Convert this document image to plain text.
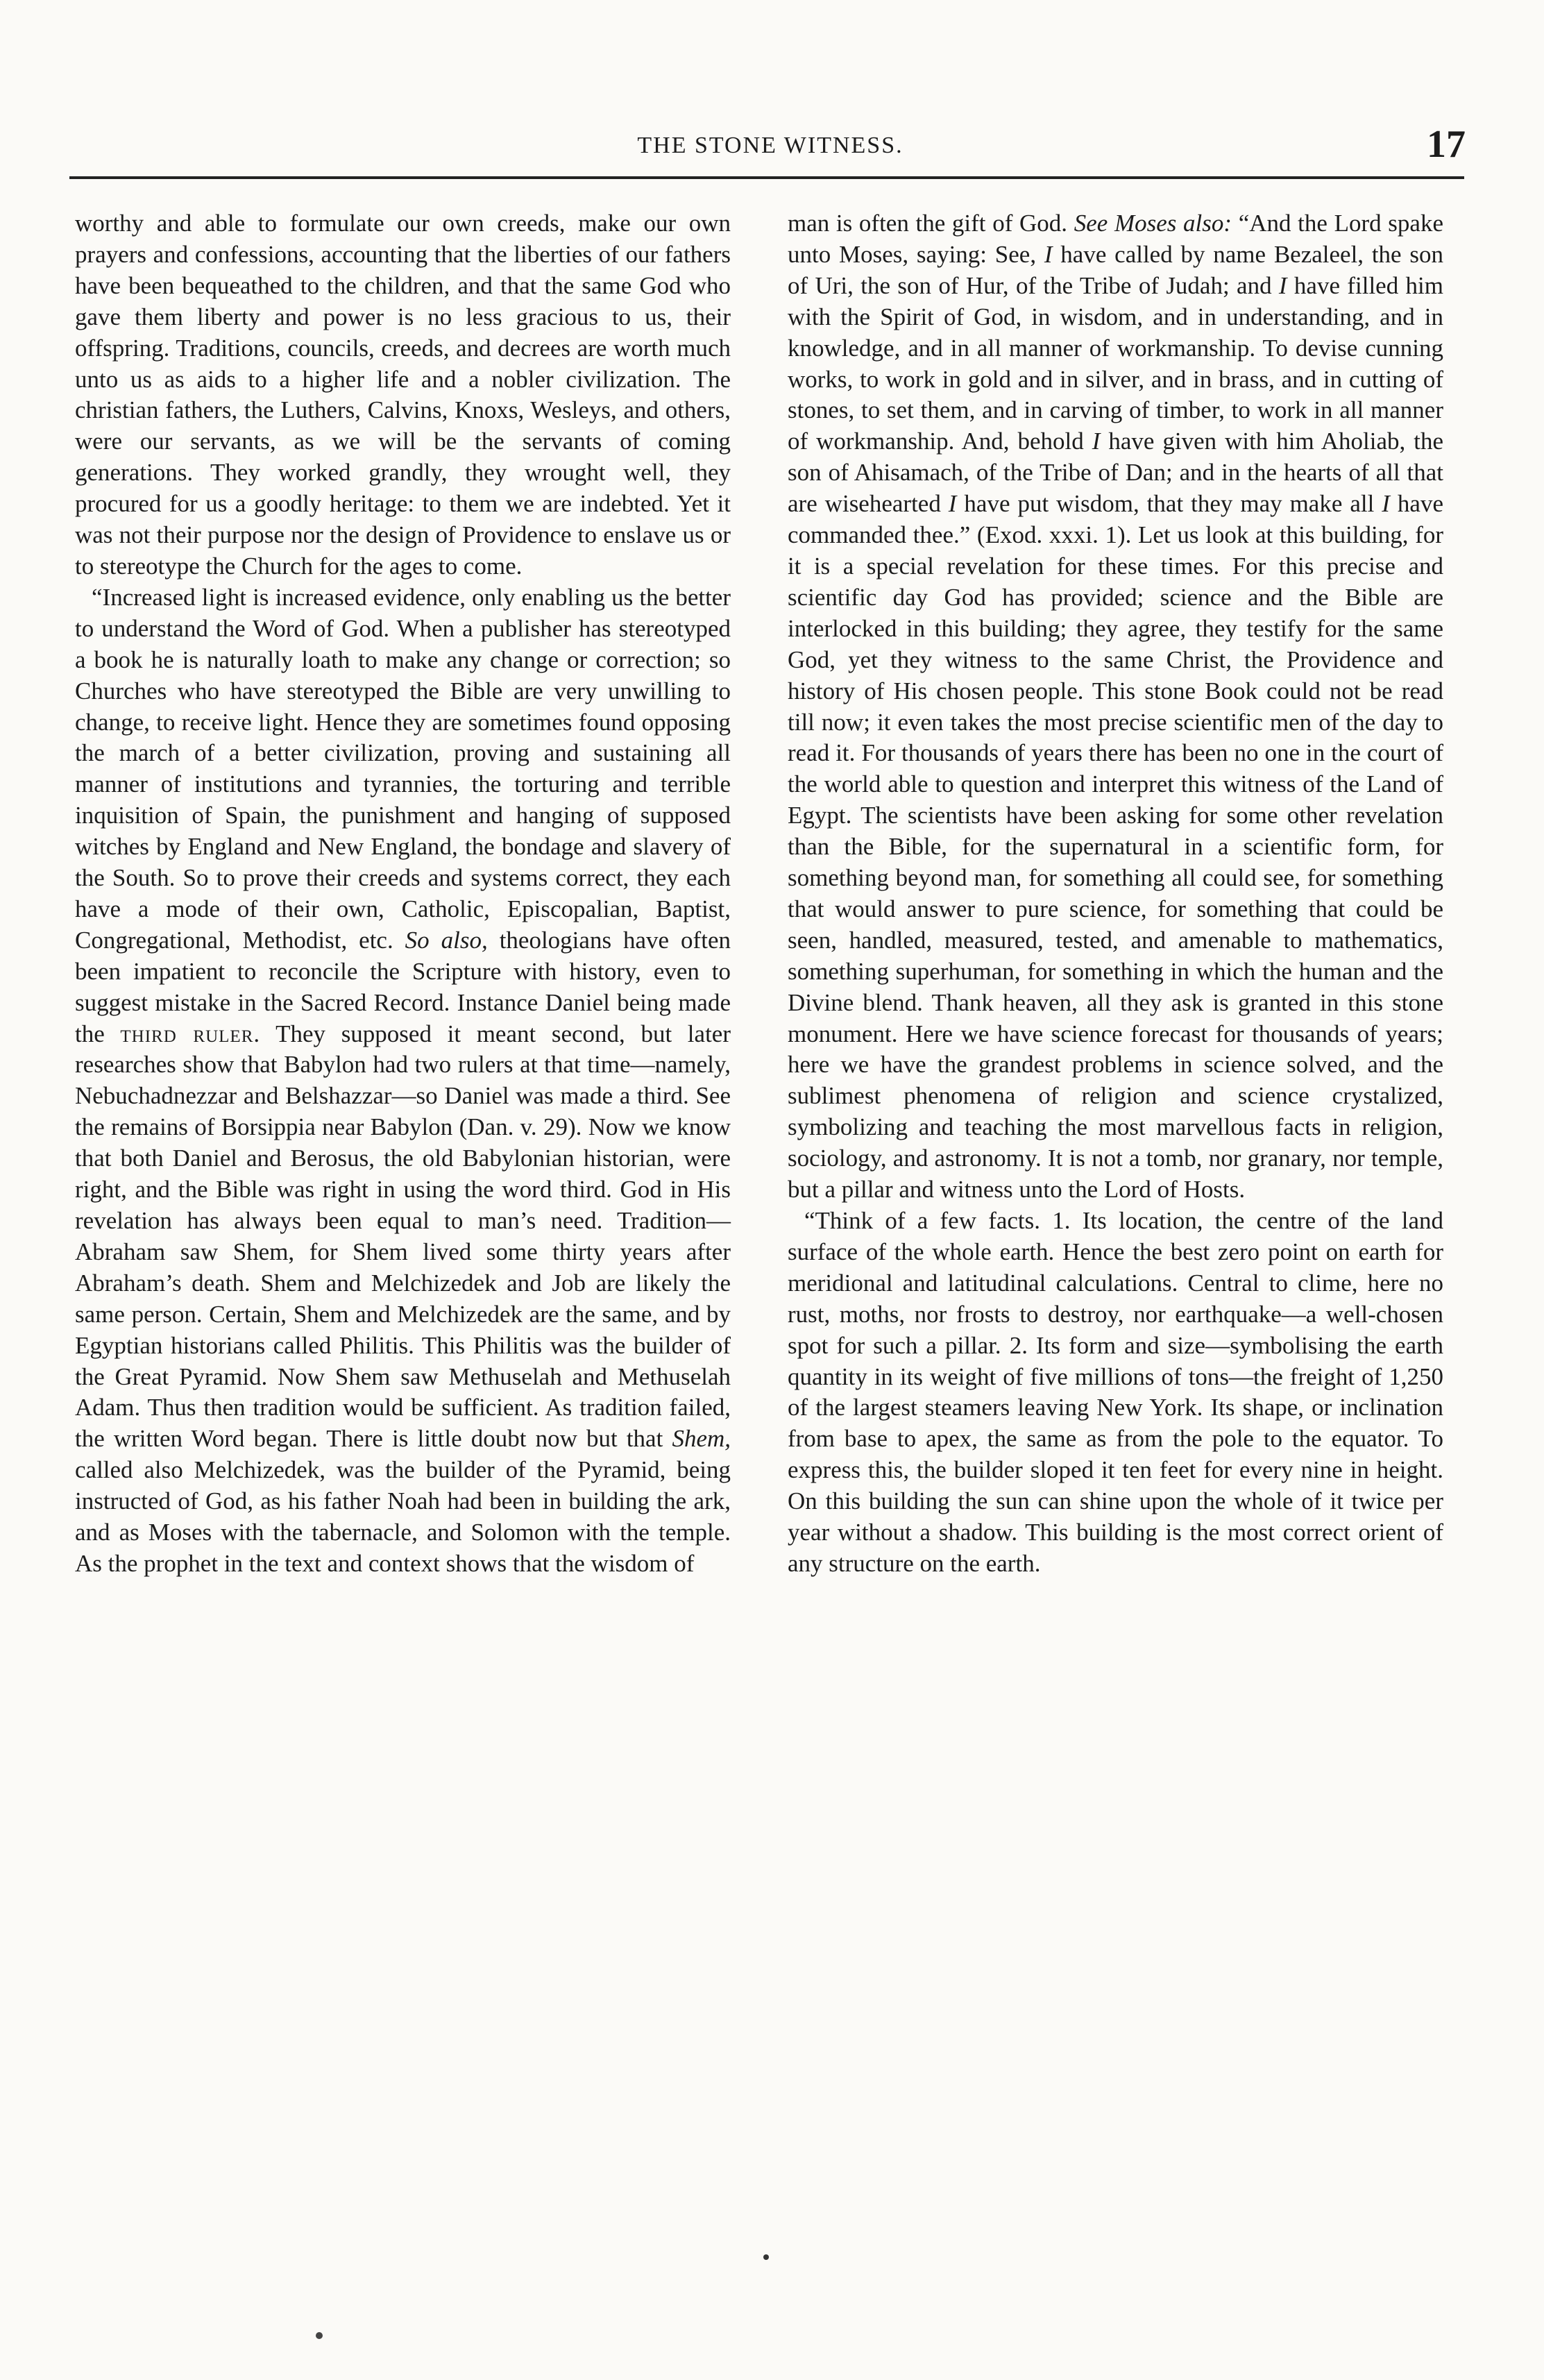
THE STONE WITNESS.	17

worthy and able to formulate our own creeds, make our own prayers and confessions, accounting that the liberties of our fathers have been bequeathed to the children, and that the same God who gave them liberty and power is no less gracious to us, their offspring. Traditions, councils, creeds, and decrees are worth much unto us as aids to a higher life and a nobler civilization. The christian fathers, the Luthers, Calvins, Knoxs, Wesleys, and others, were our servants, as we will be the servants of coming generations. They worked grandly, they wrought well, they procured for us a goodly heritage: to them we are indebted. Yet it was not their purpose nor the design of Providence to enslave us or to stereotype the Church for the ages to come.

“Increased light is increased evidence, only enabling us the better to understand the Word of God. When a publisher has stereotyped a book he is naturally loath to make any change or correction; so Churches who have stereotyped the Bible are very unwilling to change, to receive light. Hence they are sometimes found opposing the march of a better civilization, proving and sustaining all manner of institutions and tyrannies, the torturing and terrible inquisition of Spain, the punishment and hanging of supposed witches by England and New England, the bondage and slavery of the South. So to prove their creeds and systems correct, they each have a mode of their own, Catholic, Episcopalian, Baptist, Congregational, Methodist, etc. So also, theologians have often been impatient to reconcile the Scripture with history, even to suggest mistake in the Sacred Record. Instance Daniel being made the third ruler. They supposed it meant second, but later researches show that Babylon had two rulers at that time—namely, Nebuchadnezzar and Belshazzar—so Daniel was made a third. See the remains of Borsippia near Babylon (Dan. v. 29). Now we know that both Daniel and Berosus, the old Babylonian historian, were right, and the Bible was right in using the word third. God in His revelation has always been equal to man’s need. Tradition—Abraham saw Shem, for Shem lived some thirty years after Abraham’s death. Shem and Melchizedek and Job are likely the same person. Certain, Shem and Melchizedek are the same, and by Egyptian historians called Philitis. This Philitis was the builder of the Great Pyramid. Now Shem saw Methuselah and Methuselah Adam. Thus then tradition would be sufficient. As tradition failed, the written Word began. There is little doubt now but that Shem, called also Melchizedek, was the builder of the Pyramid, being instructed of God, as his father Noah had been in building the ark, and as Moses with the tabernacle, and Solomon with the temple. As the prophet in the text and context shows that the wisdom of

man is often the gift of God. See Moses also: “And the Lord spake unto Moses, saying: See, I have called by name Bezaleel, the son of Uri, the son of Hur, of the Tribe of Judah; and I have filled him with the Spirit of God, in wisdom, and in understanding, and in knowledge, and in all manner of workmanship. To devise cunning works, to work in gold and in silver, and in brass, and in cutting of stones, to set them, and in carving of timber, to work in all manner of workmanship. And, behold I have given with him Aholiab, the son of Ahisamach, of the Tribe of Dan; and in the hearts of all that are wisehearted I have put wisdom, that they may make all I have commanded thee.” (Exod. xxxi. 1). Let us look at this building, for it is a special revelation for these times. For this precise and scientific day God has provided; science and the Bible are interlocked in this building; they agree, they testify for the same God, yet they witness to the same Christ, the Providence and history of His chosen people. This stone Book could not be read till now; it even takes the most precise scientific men of the day to read it. For thousands of years there has been no one in the court of the world able to question and interpret this witness of the Land of Egypt. The scientists have been asking for some other revelation than the Bible, for the supernatural in a scientific form, for something beyond man, for something all could see, for something that would answer to pure science, for something that could be seen, handled, measured, tested, and amenable to mathematics, something superhuman, for something in which the human and the Divine blend. Thank heaven, all they ask is granted in this stone monument. Here we have science forecast for thousands of years; here we have the grandest problems in science solved, and the sublimest phenomena of religion and science crystalized, symbolizing and teaching the most marvellous facts in religion, sociology, and astronomy. It is not a tomb, nor granary, nor temple, but a pillar and witness unto the Lord of Hosts.

“Think of a few facts. 1. Its location, the centre of the land surface of the whole earth. Hence the best zero point on earth for meridional and latitudinal calculations. Central to clime, here no rust, moths, nor frosts to destroy, nor earthquake—a well-chosen spot for such a pillar. 2. Its form and size—symbolising the earth quantity in its weight of five millions of tons—the freight of 1,250 of the largest steamers leaving New York. Its shape, or inclination from base to apex, the same as from the pole to the equator. To express this, the builder sloped it ten feet for every nine in height. On this building the sun can shine upon the whole of it twice per year without a shadow. This building is the most correct orient of any structure on the earth.
